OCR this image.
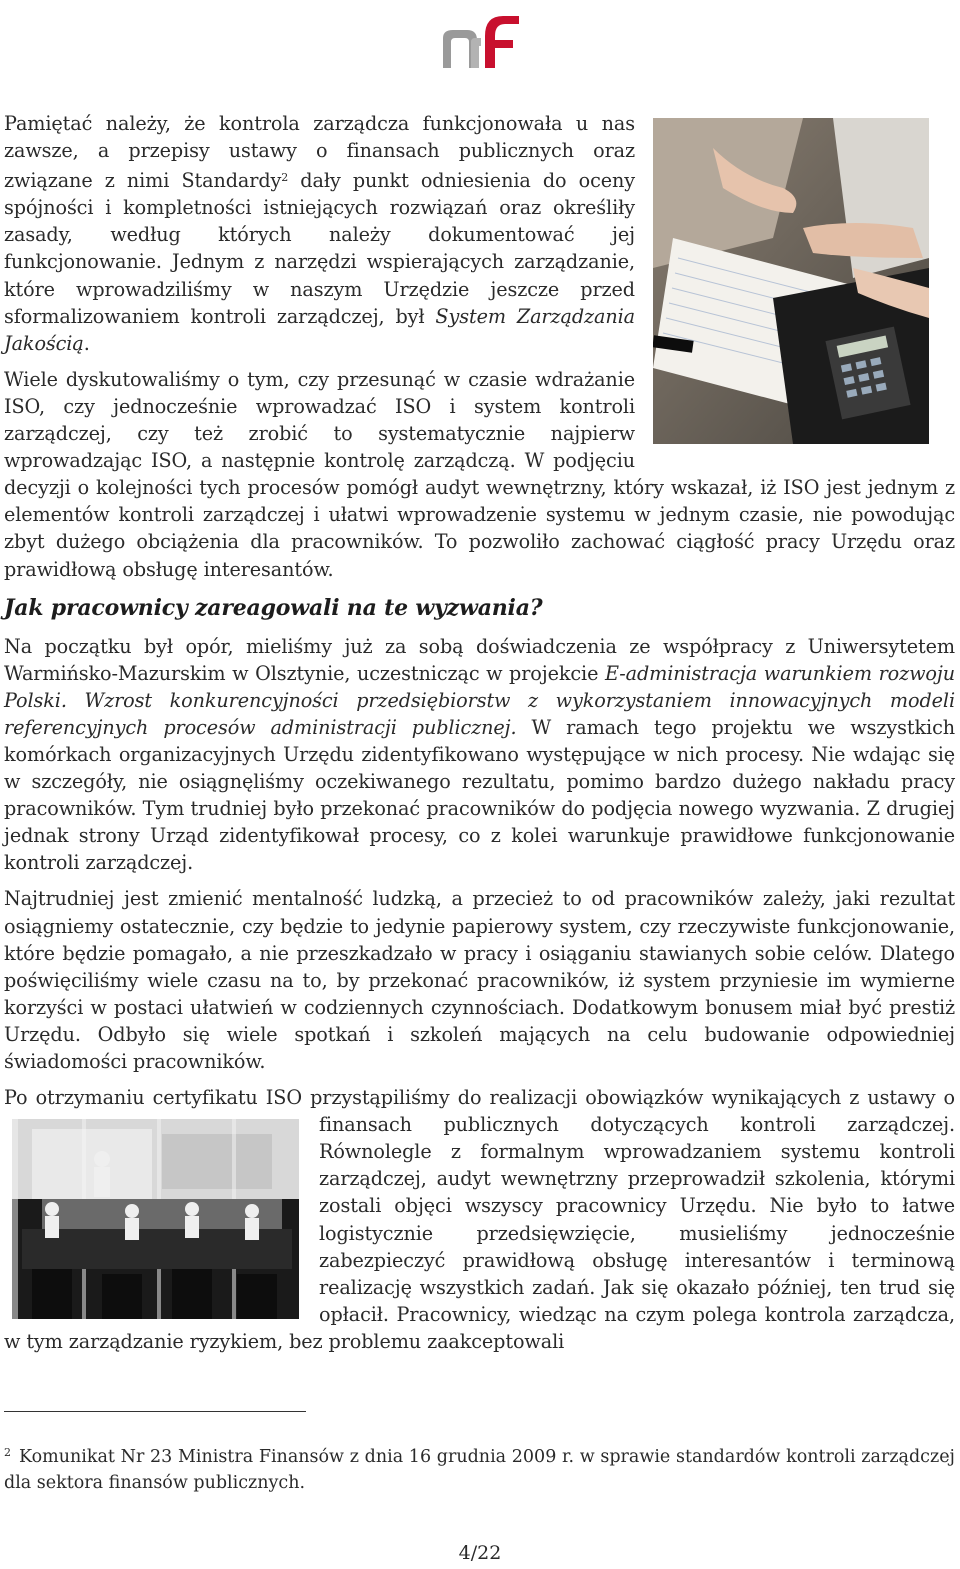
Pamiętać należy, że kontrola zarządcza funkcjonowała u nas zawsze, a przepisy ustawy o finansach publicznych oraz związane z nimi Standardy$^2$ dały punkt odniesienia do oceny spójności i kompletności istniejących rozwiązań oraz określiły zasady, według których należy dokumentować jej funkcjonowanie. Jednym z narzędzi wspierających zarządzanie, które wprowadziliśmy w naszym Urzędzie jeszcze przed sformalizowaniem kontroli zarządczej, był System Zarządzania Jakością.

Wiele dyskutowaliśmy o tym, czy przesunąć w czasie wdrażanie ISO, czy jednocześnie wprowadzać ISO i system kontroli zarządczej, czy też zrobić to systematycznie najpierw wprowadzając ISO, a następnie kontrolę zarządczą. W podjęciu decyzji o kolejności tych procesów pomógł audyt wewnętrzny, który wskazał, iż ISO jest jednym z elementów kontroli zarządczej i ułatwi wprowadzenie systemu w jednym czasie, nie powodując zbyt dużego obciążenia dla pracowników. To pozwoliło zachować ciągłość pracy Urzędu oraz prawidłową obsługę interesantów.

Jak pracownicy zareagowali na te wyzwania?

Na początku był opór, mieliśmy już za sobą doświadczenia ze współpracy z Uniwersytetem Warmińsko-Mazurskim w Olsztynie, uczestnicząc w projekcie E-administracja warunkiem rozwoju Polski. Wzrost konkurencyjności przedsiębiorstw z wykorzystaniem innowacyjnych modeli referencyjnych procesów administracji publicznej. W ramach tego projektu we wszystkich komórkach organizacyjnych Urzędu zidentyfikowano występujące w nich procesy. Nie wdając się w szczegóły, nie osiągnęliśmy oczekiwanego rezultatu, pomimo bardzo dużego nakładu pracy pracowników. Tym trudniej było przekonać pracowników do podjęcia nowego wyzwania. Z drugiej jednak strony Urząd zidentyfikował procesy, co z kolei warunkuje prawidłowe funkcjonowanie kontroli zarządczej.

Najtrudniej jest zmienić mentalność ludzką, a przecież to od pracowników zależy, jaki rezultat osiągniemy ostatecznie, czy będzie to jedynie papierowy system, czy rzeczywiste funkcjonowanie, które będzie pomagało, a nie przeszkadzało w pracy i osiąganiu stawianych sobie celów. Dlatego poświęciliśmy wiele czasu na to, by przekonać pracowników, iż system przyniesie im wymierne korzyści w postaci ułatwień w codziennych czynnościach. Dodatkowym bonusem miał być prestiż Urzędu. Odbyło się wiele spotkań i szkoleń mających na celu budowanie odpowiedniej świadomości pracowników.

Po otrzymaniu certyfikatu ISO przystąpiliśmy do realizacji obowiązków wynikających z ustawy o finansach publicznych dotyczących kontroli zarządczej.
Równolegle z formalnym wprowadzaniem systemu kontroli zarządczej, audyt wewnętrzny przeprowadził szkolenia, którymi zostali objęci wszyscy pracownicy Urzędu. Nie było to łatwe logistycznie przedsięwzięcie, musieliśmy jednocześnie zabezpieczyć prawidłową obsługę interesantów i terminową realizację wszystkich zadań. Jak się okazało później, ten trud się opłacił. Pracownicy, wiedząc na czym polega kontrola zarządcza, w tym zarządzanie ryzykiem, bez problemu zaakceptowali

$^2$ Komunikat Nr 23 Ministra Finansów z dnia 16 grudnia 2009 r. w sprawie standardów kontroli zarządczej dla sektora finansów publicznych.
4/22
